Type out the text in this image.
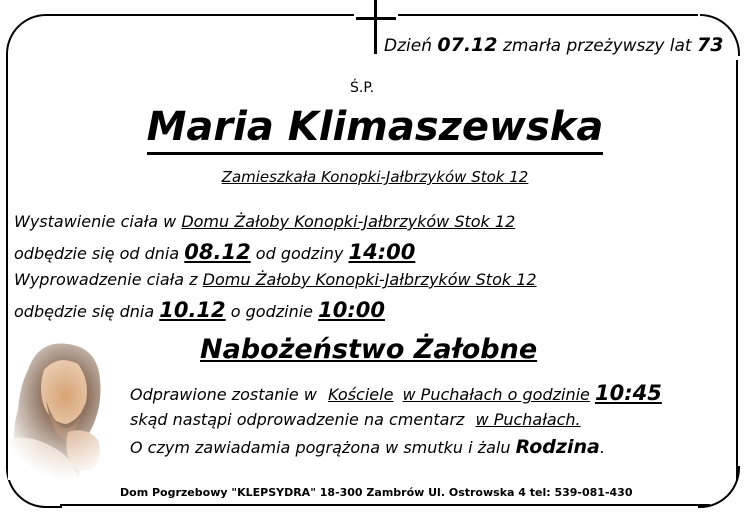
Dzień 07.12 zmarła przeżywszy lat 73
Ś.P.
Maria Klimaszewska
Zamieszkała Konopki-Jałbrzyków Stok 12
Wystawienie ciała w Domu Żałoby Konopki-Jałbrzyków Stok 12
odbędzie się od dnia 08.12 od godziny 14:00
Wyprowadzenie ciała z Domu Żałoby Konopki-Jałbrzyków Stok 12
odbędzie się dnia 10.12 o godzinie 10:00
Nabożeństwo Żałobne
Odprawione zostanie w Kościele w Puchałach o godzinie 10:45
skąd nastąpi odprowadzenie na cmentarz w Puchałach.
O czym zawiadamia pogrążona w smutku i żalu Rodzina.
Dom Pogrzebowy "KLEPSYDRA" 18-300 Zambrów Ul. Ostrowska 4 tel: 539-081-430
